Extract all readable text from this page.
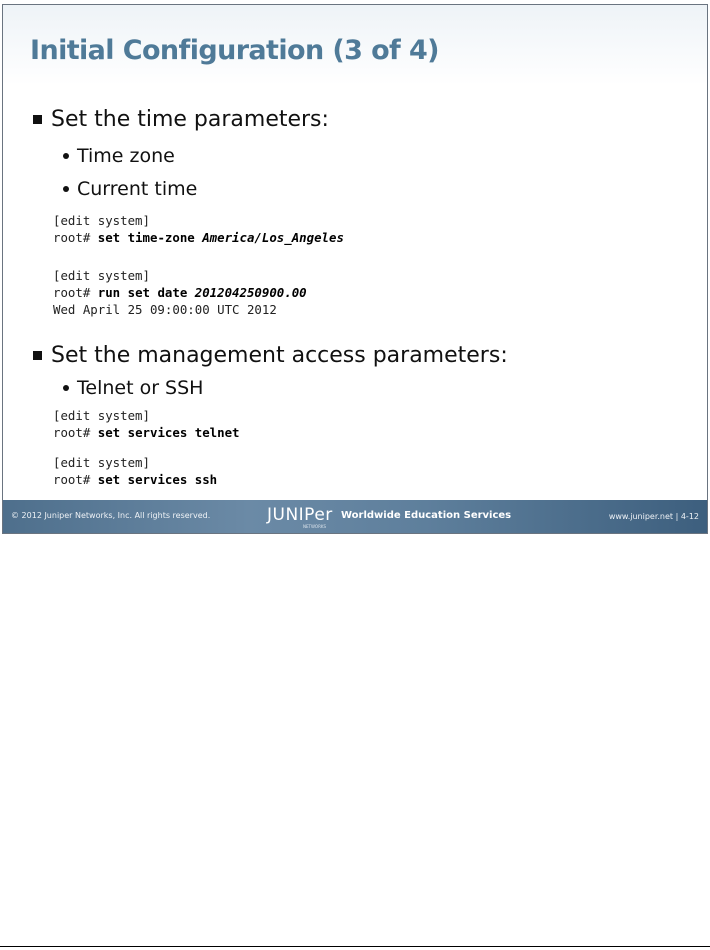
Initial Configuration (3 of 4)
Set the time parameters:
Time zone
Current time
[edit system]
root# set time-zone America/Los_Angeles
[edit system]
root# run set date 201204250900.00
Wed April 25 09:00:00 UTC 2012
Set the management access parameters:
Telnet or SSH
[edit system]
root# set services telnet
[edit system]
root# set services ssh
© 2012 Juniper Networks, Inc. All rights reserved.	JUNIPer
NETWORKS
Worldwide Education Services	www.juniper.net | 4-12
